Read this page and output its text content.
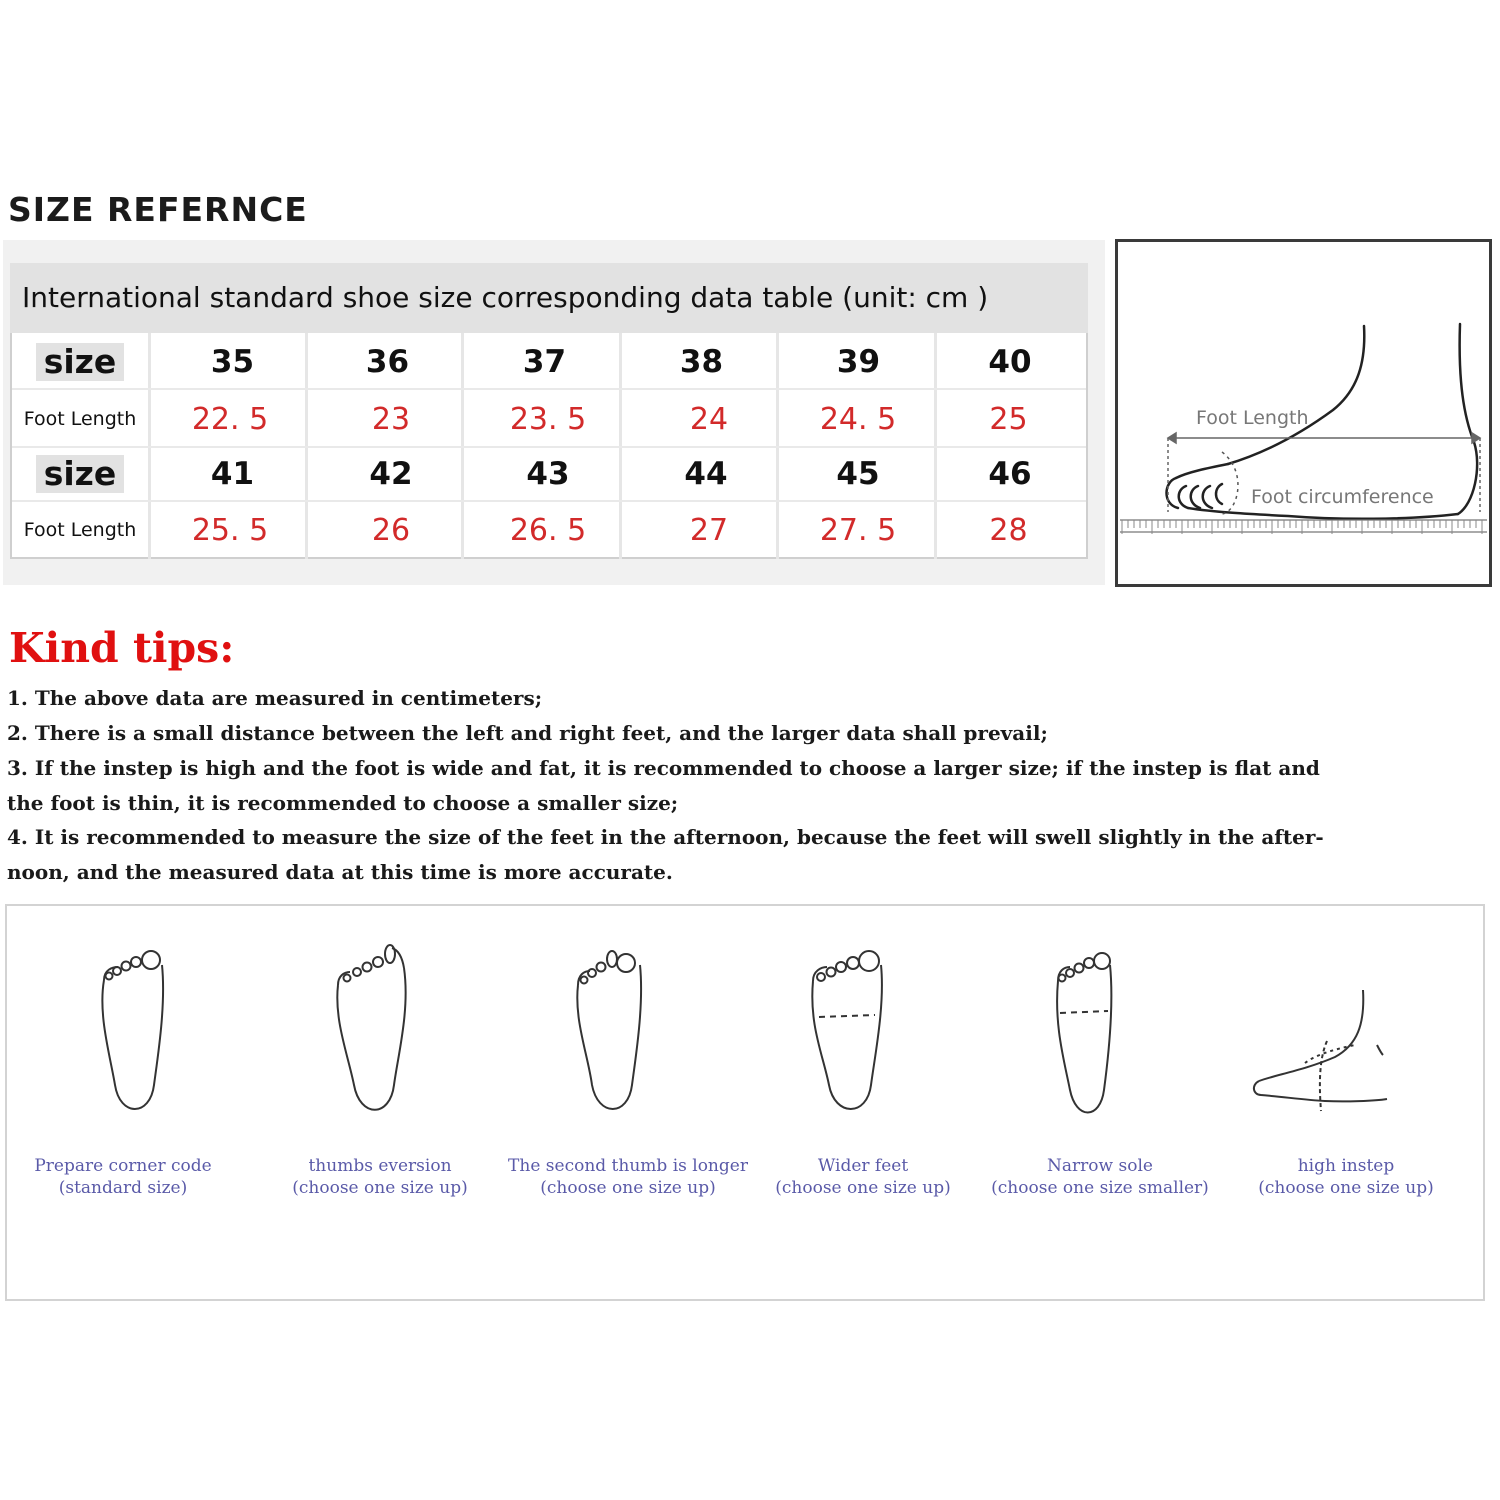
SIZE REFERNCE
International standard shoe size corresponding data table (unit: cm )
size	35	36	37	38	39	40
Foot Length	22. 5	23	23. 5	24	24. 5	25
size	41	42	43	44	45	46
Foot Length	25. 5	26	26. 5	27	27. 5	28
Foot Length
Foot circumference
Kind tips:
1. The above data are measured in centimeters;
2. There is a small distance between the left and right feet, and the larger data shall prevail;
3. If the instep is high and the foot is wide and fat, it is recommended to choose a larger size; if the instep is flat and
the foot is thin, it is recommended to choose a smaller size;
4. It is recommended to measure the size of the feet in the afternoon, because the feet will swell slightly in the after-
noon, and the measured data at this time is more accurate.
Prepare corner code
(standard size)
thumbs eversion
(choose one size up)
The second thumb is longer
(choose one size up)
Wider feet
(choose one size up)
Narrow sole
(choose one size smaller)
high instep
(choose one size up)
